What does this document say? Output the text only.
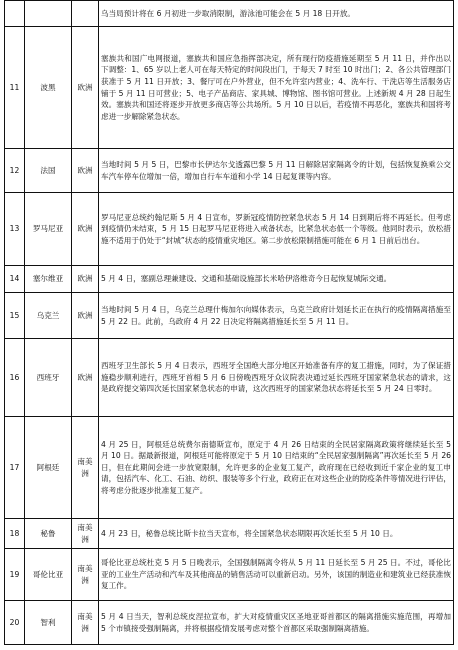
			乌当局预计将在 6 月初进一步取消限制，游泳池可能会在 5 月 18 日开放。

11	波黑	欧洲	塞族共和国广电网报道，塞族共和国应急指挥部决定，所有现行防疫措施延期至 5 月 11 日，并作出以下调整：1、65 岁以上老人可在每天特定的时间段出门，于每天 7 时至 10 时出门；2、各公共管理部门获准于 5 月 11 日开放；3、餐厅可在户外营业，但不允许室内营业；4、洗车行、干洗店等生活服务店铺于 5 月 11 日可营业；5、电子产品商店、家具城、博物馆、图书馆可营业。上述新规 4 月 28 日起生效。塞族共和国还将逐步开放更多商店等公共场所。5 月 10 日以后，若疫情不再恶化，塞族共和国将考虑进一步解除紧急状态。

12	法国	欧洲	当地时间 5 月 5 日，巴黎市长伊达尔戈透露巴黎 5 月 11 日解除居家隔离令的计划，包括恢复换乘公交车汽车停车位增加一倍，增加自行车车道和小学 14 日起复课等内容。

13	罗马尼亚	欧洲	罗马尼亚总统约翰尼斯 5 月 4 日宣布，罗新冠疫情防控紧急状态 5 月 14 日到期后将不再延长。但考虑到疫情仍未结束，5 月 15 日起罗马尼亚将进入戒备状态，比紧急状态低一个等级。他同时表示，放松措施不适用于仍处于“封城”状态的疫情重灾地区。第二步放松限制措施可能在 6 月 1 日前后出台。

14	塞尔维亚	欧洲	5 月 4 日，塞副总理兼建设、交通和基础设施部长米哈伊洛维奇今日起恢复城际交通。

15	乌克兰	欧洲	当地时间 5 月 4 日，乌克兰总理什梅加尔向媒体表示，乌克兰政府计划延长正在执行的疫情隔离措施至 5 月 22 日。此前，乌政府 4 月 22 日决定将隔离措施延长至 5 月 11 日。

16	西班牙	欧洲	西班牙卫生部长 5 月 4 日表示，西班牙全国绝大部分地区开始准备有序的复工措施，同时，为了保证措施稳步顺利进行，西班牙首相 5 月 6 日傍晚西班牙众议院表决通过延长西班牙国家紧急状态的请求，这是政府提交第四次延长国家紧急状态的申请，这次西班牙的国家紧急状态将延长至 5 月 24 日零时。

17	阿根廷	南美洲	4 月 25 日，阿根廷总统费尔南德斯宣布，原定于 4 月 26 日结束的全民居家隔离政策将继续延长至 5 月 10 日。据最新报道，阿根廷可能将原定于 5 月 10 日结束的“全民居家强制隔离”再次延长至 5 月 26 日，但在此期间会进一步放宽限制，允许更多的企业复工复产，政府现在已经收到近千家企业的复工申请，包括汽车、化工、石油、纺织、服装等多个行业，政府正在对这些企业的防疫条件等情况进行评估，将考虑分批逐步批准复工复产。

18	秘鲁	南美洲	4 月 23 日，秘鲁总统比斯卡拉当天宣布，将全国紧急状态期限再次延长至 5 月 10 日。

19	哥伦比亚	南美洲	哥伦比亚总统杜克 5 月 5 日晚表示，全国强制隔离令将从 5 月 11 日延长至 5 月 25 日。不过，哥伦比亚的工业生产活动和汽车及其他商品的销售活动可以重新启动。另外，该国的制造业和建筑业已经获准恢复工作。

20	智利	南美洲	5 月 4 日当天，智利总统皮涅拉宣布，扩大对疫情重灾区圣地亚哥首都区的隔离措施实施范围，再增加 5 个市镇接受强制隔离，并将根据疫情发展考虑对整个首都区采取强制隔离措施。
